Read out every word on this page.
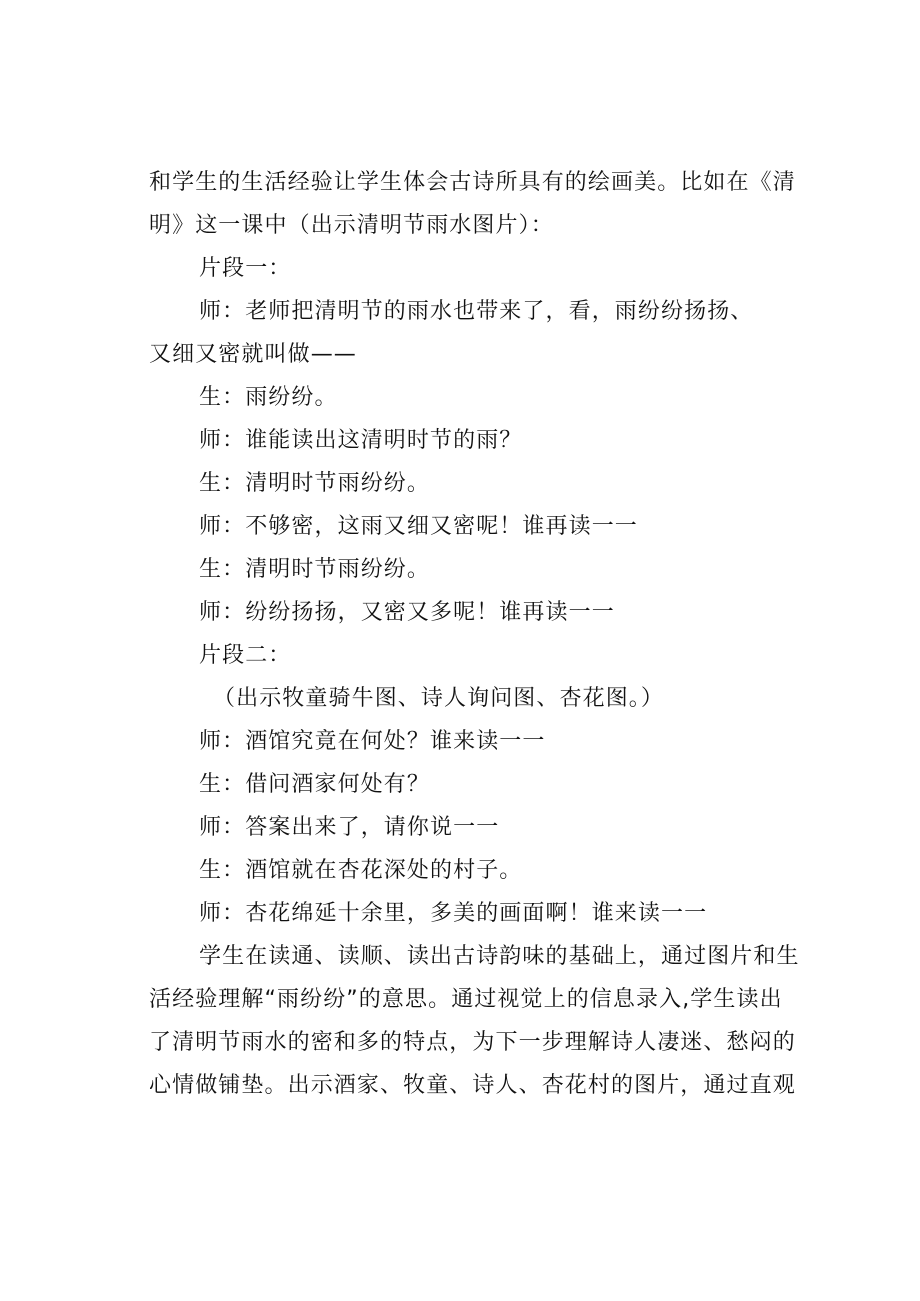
和学生的生活经验让学生体会古诗所具有的绘画美。比如在《清
明》这一课中（出示清明节雨水图片）：
片段一：
师：老师把清明节的雨水也带来了，看，雨纷纷扬扬、
又细又密就叫做——
生：雨纷纷。
师：谁能读出这清明时节的雨？
生：清明时节雨纷纷。
师：不够密，这雨又细又密呢！谁再读一一
生：清明时节雨纷纷。
师：纷纷扬扬，又密又多呢！谁再读一一
片段二：
（出示牧童骑牛图、诗人询问图、杏花图。）
师：酒馆究竟在何处？谁来读一一
生：借问酒家何处有？
师：答案出来了，请你说一一
生：酒馆就在杏花深处的村子。
师：杏花绵延十余里，多美的画面啊！谁来读一一
学生在读通、读顺、读出古诗韵味的基础上，通过图片和生
活经验理解“雨纷纷”的意思。通过视觉上的信息录入,学生读出
了清明节雨水的密和多的特点，为下一步理解诗人凄迷、愁闷的
心情做铺垫。出示酒家、牧童、诗人、杏花村的图片，通过直观
